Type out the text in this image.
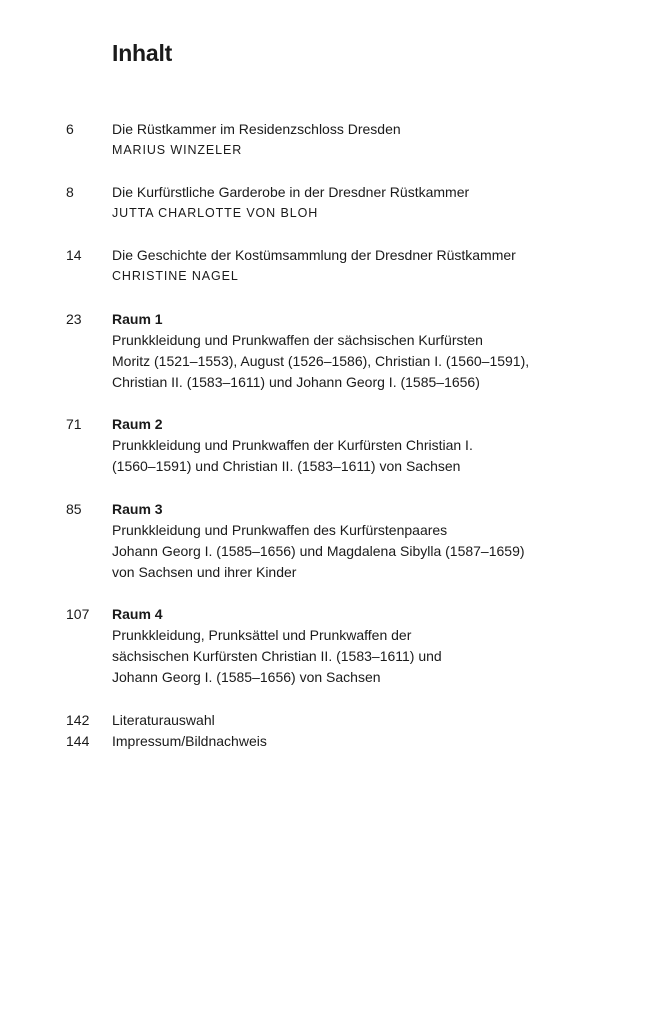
Inhalt
6	Die Rüstkammer im Residenzschloss Dresden
MARIUS WINZELER
8	Die Kurfürstliche Garderobe in der Dresdner Rüstkammer
JUTTA CHARLOTTE VON BLOH
14 Die Geschichte der Kostümsammlung der Dresdner Rüstkammer
CHRISTINE NAGEL
23 Raum 1
Prunkkleidung und Prunkwaffen der sächsischen Kurfürsten
Moritz (1521–1553), August (1526–1586), Christian I. (1560–1591),
Christian II. (1583–1611) und Johann Georg I. (1585–1656)
71 Raum 2
Prunkkleidung und Prunkwaffen der Kurfürsten Christian I.
(1560–1591) und Christian II. (1583–1611) von Sachsen
85 Raum 3
Prunkkleidung und Prunkwaffen des Kurfürstenpaares
Johann Georg I. (1585–1656) und Magdalena Sibylla (1587–1659)
von Sachsen und ihrer Kinder
107 Raum 4
Prunkkleidung, Prunksättel und Prunkwaffen der
sächsischen Kurfürsten Christian II. (1583–1611) und
Johann Georg I. (1585–1656) von Sachsen
142 Literaturauswahl
144 Impressum/Bildnachweis
